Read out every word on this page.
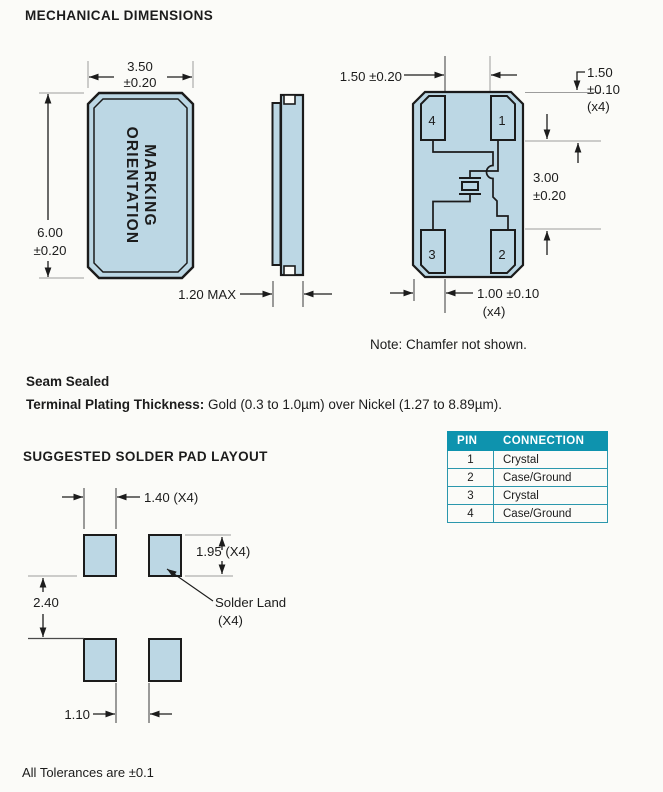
MECHANICAL DIMENSIONS
MARKING
ORIENTATION
3.50
±0.20
6.00
±0.20
1.20 MAX
4	1
3	2
1.50 ±0.20	1.50
±0.10
(x4)
3.00
±0.20
1.00 ±0.10
(x4)
Note: Chamfer not shown.
Seam Sealed
Terminal Plating Thickness: Gold (0.3 to 1.0µm) over Nickel (1.27 to 8.89µm).
PIN	CONNECTION
1	Crystal
2	Case/Ground
3	Crystal
4	Case/Ground
SUGGESTED SOLDER PAD LAYOUT
1.40 (X4)
1.95 (X4)
2.40	Solder Land
(X4)
1.10
All Tolerances are ±0.1
